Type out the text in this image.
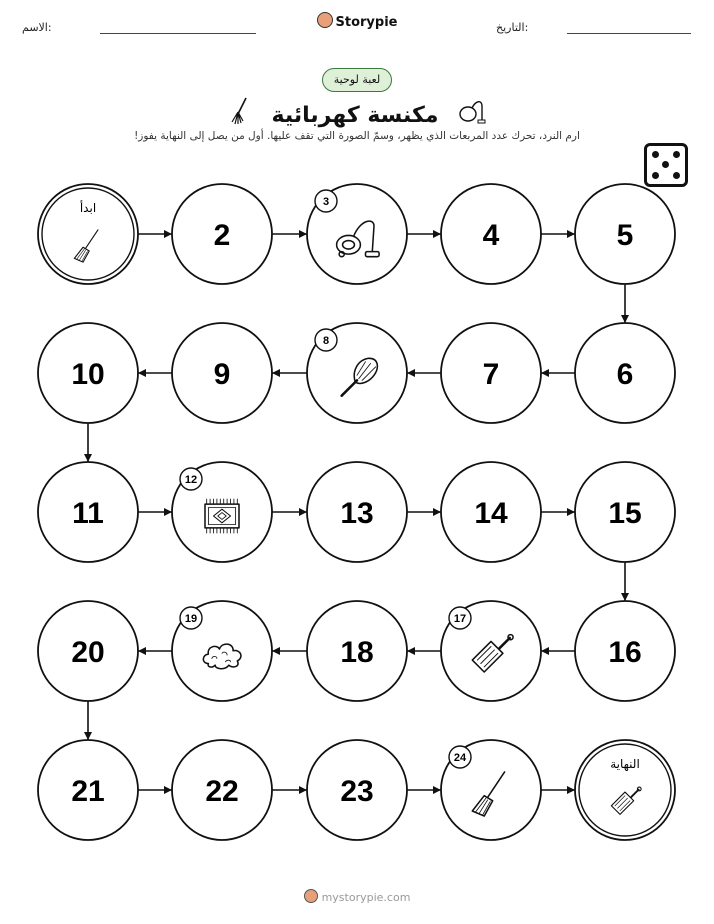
الاسم:	Storypie	التاريخ:
لعبة لوحية
مكنسة كهربائية
ارم النرد، تحرك عدد المربعات الذي يظهر، وسمّ الصورة التي تقف عليها. أول من يصل إلى النهاية يفوز!
ابدأ
2
3
4	5
10	9
8
7	6
11
12
13	14	15
20
19
18
17
16
21	22	23
24	النهاية
mystorypie.com
